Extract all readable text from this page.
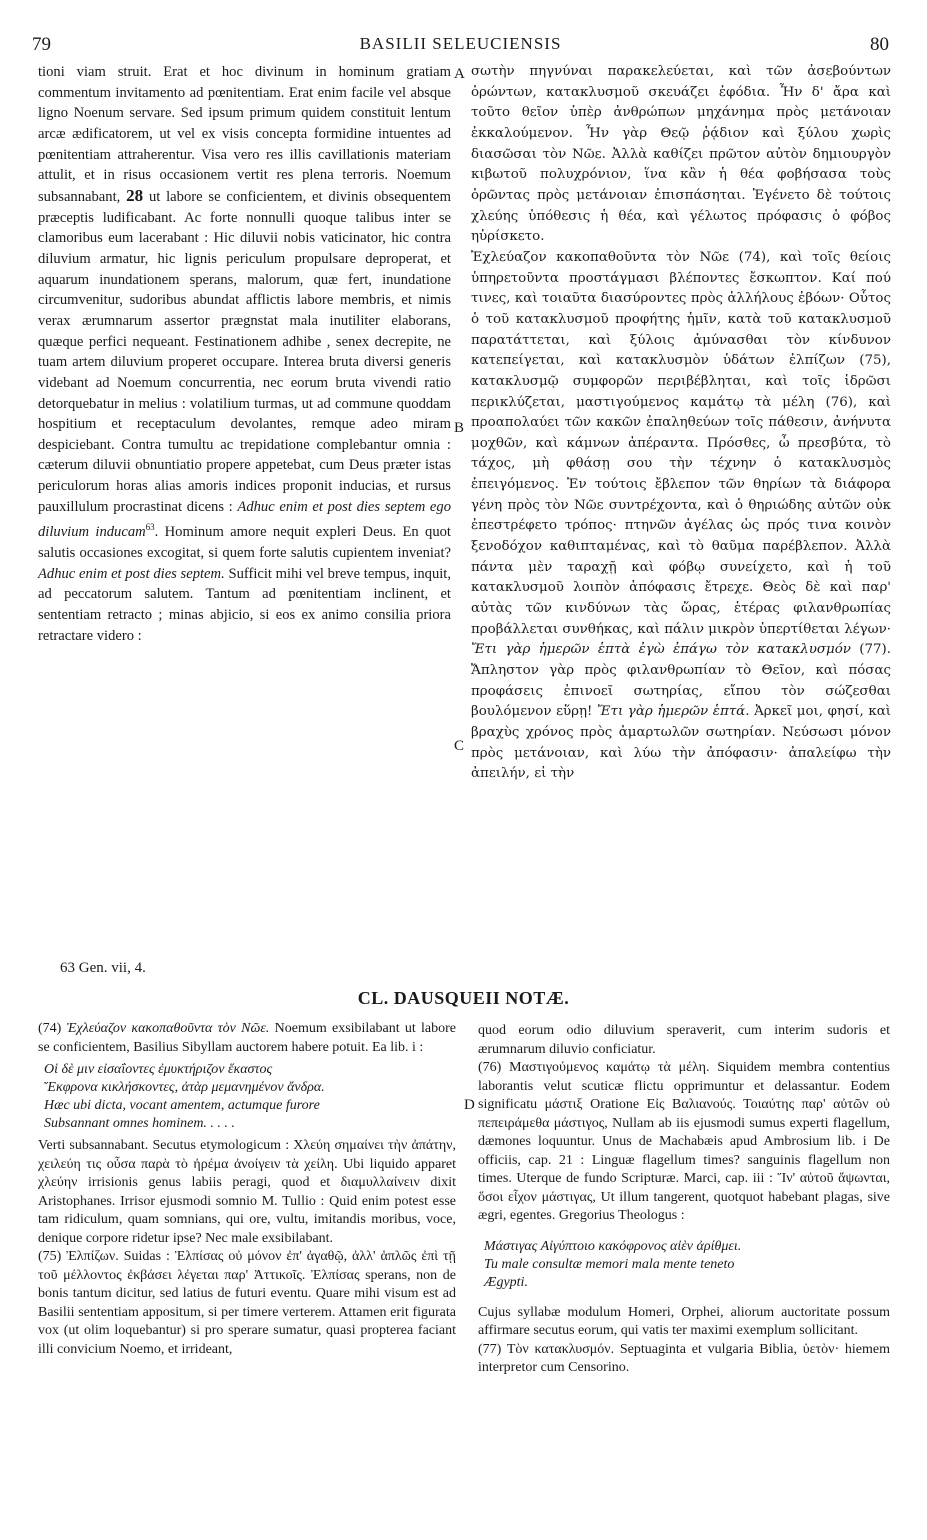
79	BASILII SELEUCIENSIS	80
A
B
C
D

tioni viam struit. Erat et hoc divinum in hominum gratiam commentum invitamento ad pœnitentiam. Erat enim facile vel absque ligno Noenum servare. Sed ipsum primum quidem constituit lentum arcæ ædificatorem, ut vel ex visis concepta formidine intuentes ad pœnitentiam attraherentur. Visa vero res illis cavillationis materiam attulit, et in risus occasionem vertit res plena terroris. Noemum subsannabant, 28 ut labore se conficientem, et divinis obsequentem præceptis ludificabant. Ac forte nonnulli quoque talibus inter se clamoribus eum lacerabant : Hic diluvii nobis vaticinator, hic contra diluvium armatur, hic lignis periculum propulsare deproperat, et aquarum inundationem sperans, malorum, quæ fert, inundatione circumvenitur, sudoribus abundat afflictis labore membris, et nimis verax ærumnarum assertor prægnstat mala inutiliter elaborans, quæque perfici nequeant. Festinationem adhibe , senex decrepite, ne tuam artem diluvium properet occupare. Interea bruta diversi generis videbant ad Noemum concurrentia, nec eorum bruta vivendi ratio detorquebatur in melius : volatilium turmas, ut ad commune quoddam hospitium et receptaculum devolantes, remque adeo miram despiciebant. Contra tumultu ac trepidatione complebantur omnia : cæterum diluvii obnuntiatio propere appetebat, cum Deus præter istas periculorum horas alias amoris indices proponit inducias, et rursus pauxillulum procrastinat dicens : Adhuc enim et post dies septem ego diluvium inducam$^{63}$. Hominum amore nequit expleri Deus. En quot salutis occasiones excogitat, si quem forte salutis cupientem inveniat? Adhuc enim et post dies septem. Sufficit mihi vel breve tempus, inquit, ad peccatorum salutem. Tantum ad pœnitentiam inclinent, et sententiam retracto ; minas abjicio, si eos ex animo consilia priora retractare videro :

σωτὴν πηγνύναι παρακελεύεται, καὶ τῶν ἀσεβούντων ὁρώντων, κατακλυσμοῦ σκευάζει ἐφόδια. Ἦν δ' ἄρα καὶ τοῦτο θεῖον ὑπὲρ ἀνθρώπων μηχάνημα πρὸς μετάνοιαν ἐκκαλούμενον. Ἦν γὰρ Θεῷ ῥᾴδιον καὶ ξύλου χωρὶς διασῶσαι τὸν Νῶε. Ἀλλὰ καθίζει πρῶτον αὐτὸν δημιουργὸν κιβωτοῦ πολυχρόνιον, ἵνα κἂν ἡ θέα φοβήσασα τοὺς ὁρῶντας πρὸς μετάνοιαν ἐπισπάσηται. Ἐγένετο δὲ τούτοις χλεύης ὑπόθεσις ἡ θέα, καὶ γέλωτος πρόφασις ὁ φόβος ηὑρίσκετο.

Ἐχλεύαζον κακοπαθοῦντα τὸν Νῶε (74), καὶ τοῖς θείοις ὑπηρετοῦντα προστάγμασι βλέποντες ἔσκωπτον. Καί πού τινες, καὶ τοιαῦτα διασύροντες πρὸς ἀλλήλους ἐβόων· Οὗτος ὁ τοῦ κατακλυσμοῦ προφήτης ἡμῖν, κατὰ τοῦ κατακλυσμοῦ παρατάττεται, καὶ ξύλοις ἀμύνασθαι τὸν κίνδυνον κατεπείγεται, καὶ κατακλυσμὸν ὑδάτων ἐλπίζων (75), κατακλυσμῷ συμφορῶν περιβέβληται, καὶ τοῖς ἱδρῶσι περικλύζεται, μαστιγούμενος καμάτῳ τὰ μέλη (76), καὶ προαπολαύει τῶν κακῶν ἐπαληθεύων τοῖς πάθεσιν, ἀνήνυτα μοχθῶν, καὶ κάμνων ἀπέραντα. Πρόσθες, ὦ πρεσβύτα, τὸ τάχος, μὴ φθάσῃ σου τὴν τέχνην ὁ κατακλυσμὸς ἐπειγόμενος. Ἐν τούτοις ἔβλεπον τῶν θηρίων τὰ διάφορα γένη πρὸς τὸν Νῶε συντρέχοντα, καὶ ὁ θηριώδης αὐτῶν οὐκ ἐπεστρέφετο τρόπος· πτηνῶν ἀγέλας ὡς πρός τινα κοινὸν ξενοδόχον καθιπταμένας, καὶ τὸ θαῦμα παρέβλεπον. Ἀλλὰ πάντα μὲν ταραχῇ καὶ φόβῳ συνείχετο, καὶ ἡ τοῦ κατακλυσμοῦ λοιπὸν ἀπόφασις ἔτρεχε. Θεὸς δὲ καὶ παρ' αὐτὰς τῶν κινδύνων τὰς ὥρας, ἑτέρας φιλανθρωπίας προβάλλεται συνθήκας, καὶ πάλιν μικρὸν ὑπερτίθεται λέγων· Ἔτι γὰρ ἡμερῶν ἑπτὰ ἐγὼ ἐπάγω τὸν κατακλυσμόν (77). Ἄπληστον γὰρ πρὸς φιλανθρωπίαν τὸ Θεῖον, καὶ πόσας προφάσεις ἐπινοεῖ σωτηρίας, εἴπου τὸν σώζεσθαι βουλόμενον εὕρῃ! Ἔτι γὰρ ἡμερῶν ἑπτά. Ἀρκεῖ μοι, φησί, καὶ βραχὺς χρόνος πρὸς ἁμαρτωλῶν σωτηρίαν. Νεύσωσι μόνον πρὸς μετάνοιαν, καὶ λύω τὴν ἀπόφασιν· ἀπαλείφω τὴν ἀπειλήν, εἰ τὴν

63 Gen. vii, 4.
CL. DAUSQUEII NOTÆ.

(74) Ἐχλεύαζον κακοπαθοῦντα τὸν Νῶε. Noemum exsibilabant ut labore se conficientem, Basilius Sibyllam auctorem habere potuit. Ea lib. i :

Οἱ δὲ μιν εἰσαΐοντες ἐμυκτήριζον ἕκαστος
Ἔκφρονα κικλήσκοντες, ἀτὰρ μεμανημένον ἄνδρα.
Hæc ubi dicta, vocant amentem, actumque furore
Subsannant omnes hominem. . . . .

Verti subsannabant. Secutus etymologicum : Χλεύη σημαίνει τὴν ἀπάτην, χειλεύη τις οὖσα παρὰ τὸ ἠρέμα ἀνοίγειν τὰ χείλη. Ubi liquido apparet χλεύην irrisionis genus labiis peragi, quod et διαμυλλαίνειν dixit Aristophanes. Irrisor ejusmodi somnio M. Tullio : Quid enim potest esse tam ridiculum, quam somnians, qui ore, vultu, imitandis moribus, voce, denique corpore ridetur ipse? Nec male exsibilabant.

(75) Ἐλπίζων. Suidas : Ἐλπίσας οὐ μόνον ἐπ' ἀγαθῷ, ἀλλ' ἁπλῶς ἐπὶ τῇ τοῦ μέλλοντος ἐκβάσει λέγεται παρ' Ἀττικοῖς. Ἐλπίσας sperans, non de bonis tantum dicitur, sed latius de futuri eventu. Quare mihi visum est ad Basilii sententiam appositum, si per timere verterem. Attamen erit figurata vox (ut olim loquebantur) si pro sperare sumatur, quasi propterea faciant illi convicium Noemo, et irrideant,

quod eorum odio diluvium speraverit, cum interim sudoris et ærumnarum diluvio conficiatur.

(76) Μαστιγούμενος καμάτῳ τὰ μέλη. Siquidem membra contentius laborantis velut scuticæ flictu opprimuntur et delassantur. Eodem significatu μάστιξ Oratione Eἰς Βαλιανούς. Τοιαύτης παρ' αὐτῶν οὐ πεπειράμεθα μάστιγος, Nullam ab iis ejusmodi sumus experti flagellum, dæmones loquuntur. Unus de Machabæis apud Ambrosium lib. i De officiis, cap. 21 : Linguæ flagellum times? sanguinis flagellum non times. Uterque de fundo Scripturæ. Marci, cap. iii : Ἵν' αὐτοῦ ἅψωνται, ὅσοι εἶχον μάστιγας, Ut illum tangerent, quotquot habebant plagas, sive ægri, egentes. Gregorius Theologus :

Μάστιγας Αἰγύπτοιο κακόφρονος αἰὲν ἀρίθμει.
Tu male consultæ memori mala mente teneto
Ægypti.

Cujus syllabæ modulum Homeri, Orphei, aliorum auctoritate possum affirmare secutus eorum, qui vatis ter maximi exemplum sollicitant.

(77) Τὸν κατακλυσμόν. Septuaginta et vulgaria Biblia, ὑετὸν· hiemem interpretor cum Censorino.
